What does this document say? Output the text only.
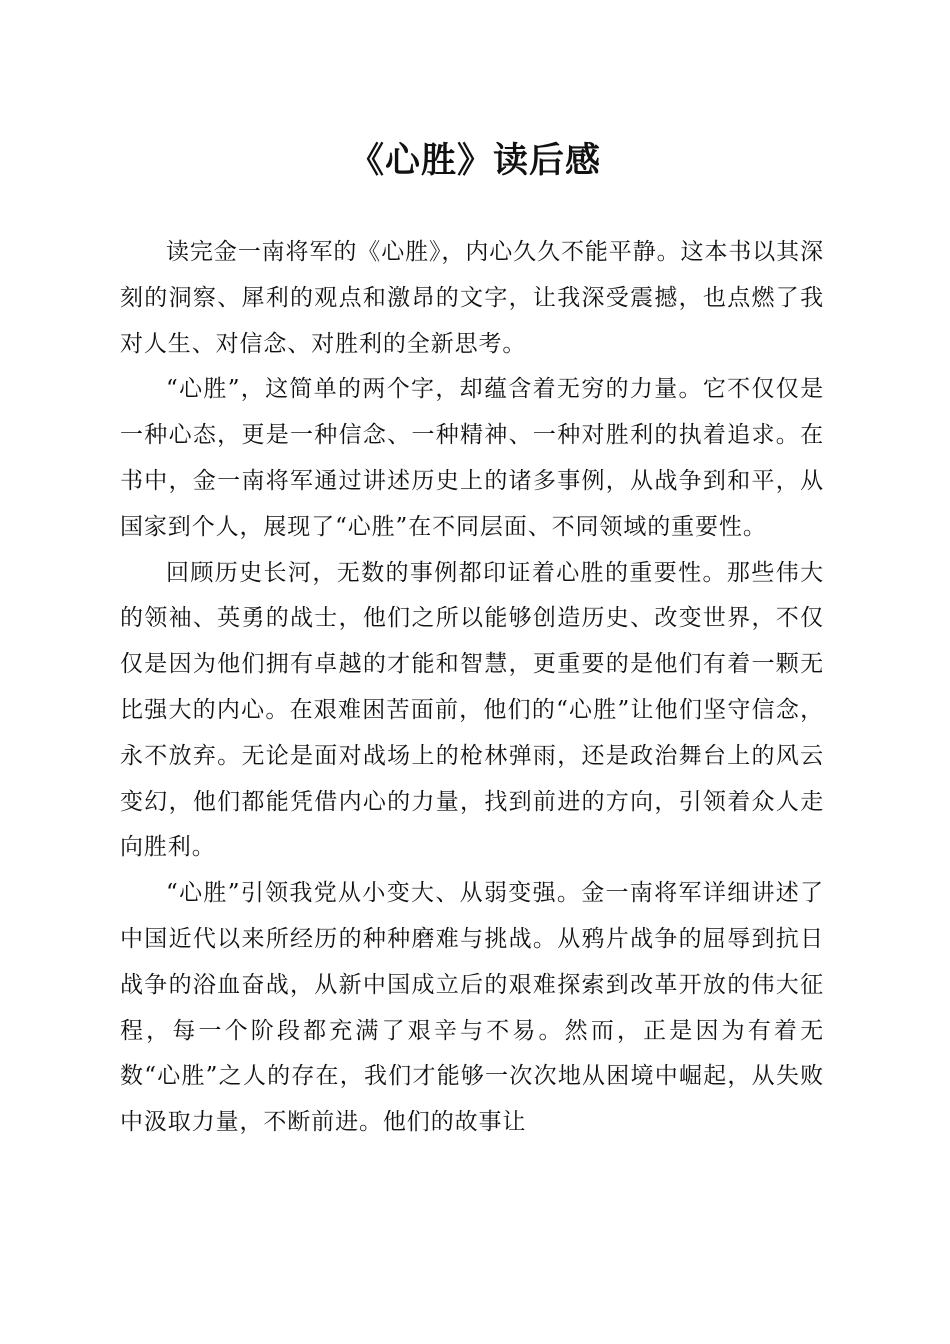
《心胜》读后感

读完金一南将军的《心胜》，内心久久不能平静。这本书以其深刻的洞察、犀利的观点和激昂的文字，让我深受震撼，也点燃了我对人生、对信念、对胜利的全新思考。

“心胜”，这简单的两个字，却蕴含着无穷的力量。它不仅仅是一种心态，更是一种信念、一种精神、一种对胜利的执着追求。在书中，金一南将军通过讲述历史上的诸多事例，从战争到和平，从国家到个人，展现了“心胜”在不同层面、不同领域的重要性。

回顾历史长河，无数的事例都印证着心胜的重要性。那些伟大的领袖、英勇的战士，他们之所以能够创造历史、改变世界，不仅仅是因为他们拥有卓越的才能和智慧，更重要的是他们有着一颗无比强大的内心。在艰难困苦面前，他们的“心胜”让他们坚守信念，永不放弃。无论是面对战场上的枪林弹雨，还是政治舞台上的风云变幻，他们都能凭借内心的力量，找到前进的方向，引领着众人走向胜利。

“心胜”引领我党从小变大、从弱变强。金一南将军详细讲述了中国近代以来所经历的种种磨难与挑战。从鸦片战争的屈辱到抗日战争的浴血奋战，从新中国成立后的艰难探索到改革开放的伟大征程，每一个阶段都充满了艰辛与不易。然而，正是因为有着无数“心胜”之人的存在，我们才能够一次次地从困境中崛起，从失败中汲取力量，不断前进。他们的故事让
